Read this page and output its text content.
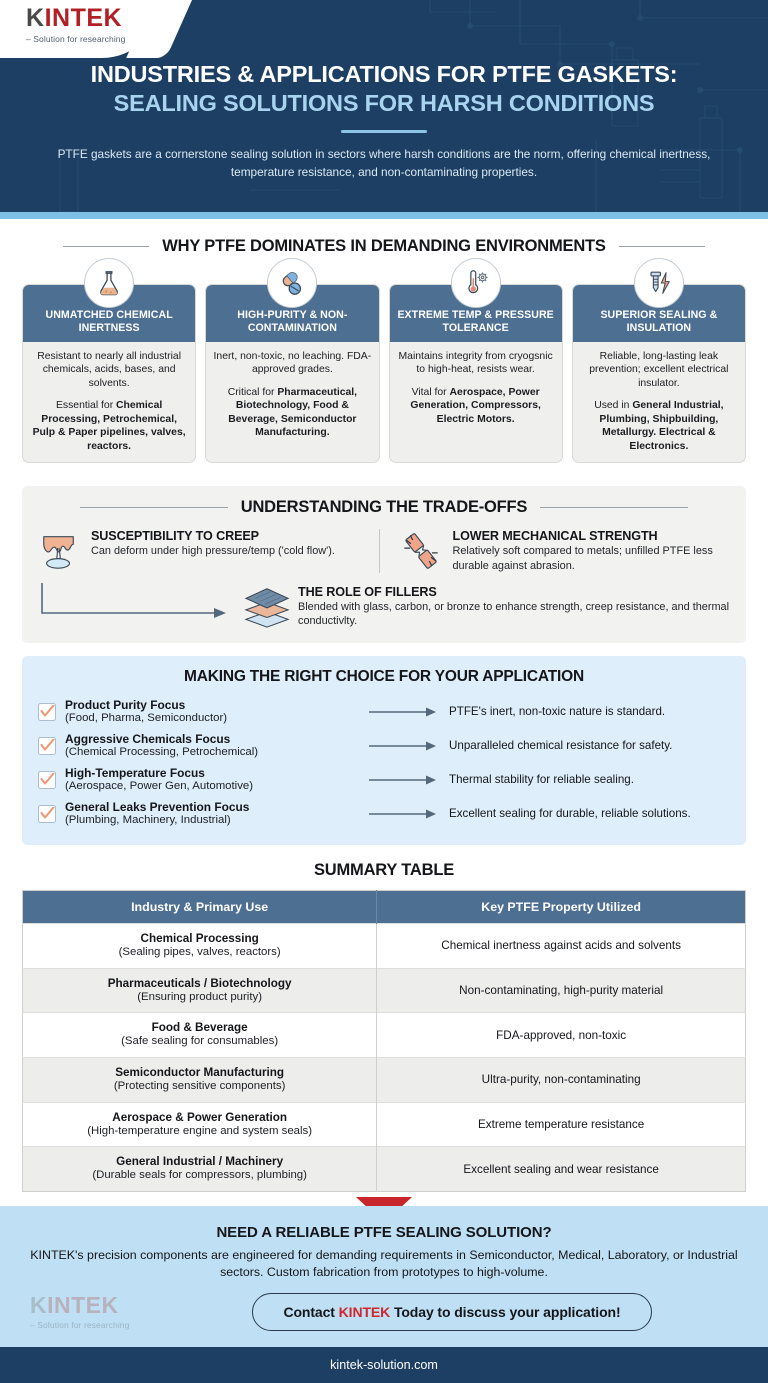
KINTEK
– Solution for researching
INDUSTRIES & APPLICATIONS FOR PTFE GASKETS:
SEALING SOLUTIONS FOR HARSH CONDITIONS
PTFE gaskets are a cornerstone sealing solution in sectors where harsh conditions are the norm, offering chemical inertness, temperature resistance, and non-contaminating properties.
WHY PTFE DOMINATES IN DEMANDING ENVIRONMENTS
UNMATCHED CHEMICAL INERTNESS

Resistant to nearly all industrial chemicals, acids, bases, and solvents.

Essential for Chemical Processing, Petrochemical, Pulp & Paper pipelines, valves, reactors.

HIGH-PURITY & NON-CONTAMINATION

Inert, non-toxic, no leaching. FDA-approved grades.

Critical for Pharmaceutical, Biotechnology, Food & Beverage, Semiconductor Manufacturing.

EXTREME TEMP & PRESSURE TOLERANCE

Maintains integrity from cryogsnic to high-heat, resists wear.

Vital for Aerospace, Power Generation, Compressors, Electric Motors.

SUPERIOR SEALING & INSULATION

Reliable, long-lasting leak prevention; excellent electrical insulator.

Used in General Industrial, Plumbing, Shipbuilding, Metallurgy. Electrical & Electronics.

UNDERSTANDING THE TRADE-OFFS
SUSCEPTIBILITY TO CREEP
Can deform under high pressure/temp ('cold flow').
LOWER MECHANICAL STRENGTH
Relatively soft compared to metals; unfilled PTFE less durable against abrasion.
THE ROLE OF FILLERS
Blended with glass, carbon, or bronze to enhance strength, creep resistance, and thermal conductivlty.
MAKING THE RIGHT CHOICE FOR YOUR APPLICATION
Product Purity Focus
(Food, Pharma, Semiconductor)	PTFE's inert, non-toxic nature is standard.
Aggressive Chemicals Focus
(Chemical Processing, Petrochemical)	Unparalleled chemical resistance for safety.
High-Temperature Focus
(Aerospace, Power Gen, Automotive)	Thermal stability for reliable sealing.
General Leaks Prevention Focus
(Plumbing, Machinery, Industrial)	Excellent sealing for durable, reliable solutions.
SUMMARY TABLE
Industry & Primary Use	Key PTFE Property Utilized

Chemical Processing
(Sealing pipes, valves, reactors)	Chemical inertness against acids and solvents

Pharmaceuticals / Biotechnology
(Ensuring product purity)	Non-contaminating, high-purity material

Food & Beverage
(Safe sealing for consumables)	FDA-approved, non-toxic

Semiconductor Manufacturing
(Protecting sensitive components)	Ultra-purity, non-contaminating

Aerospace & Power Generation
(High-temperature engine and system seals)	Extreme temperature resistance

General Industrial / Machinery
(Durable seals for compressors, plumbing)	Excellent sealing and wear resistance
NEED A RELIABLE PTFE SEALING SOLUTION?
KINTEK's precision components are engineered for demanding requirements in Semiconductor, Medical, Laboratory, or Industrial sectors. Custom fabrication from prototypes to high-volume.
KINTEK
– Solution for researching
Contact KINTEK Today to discuss your application!
kintek-solution.com
